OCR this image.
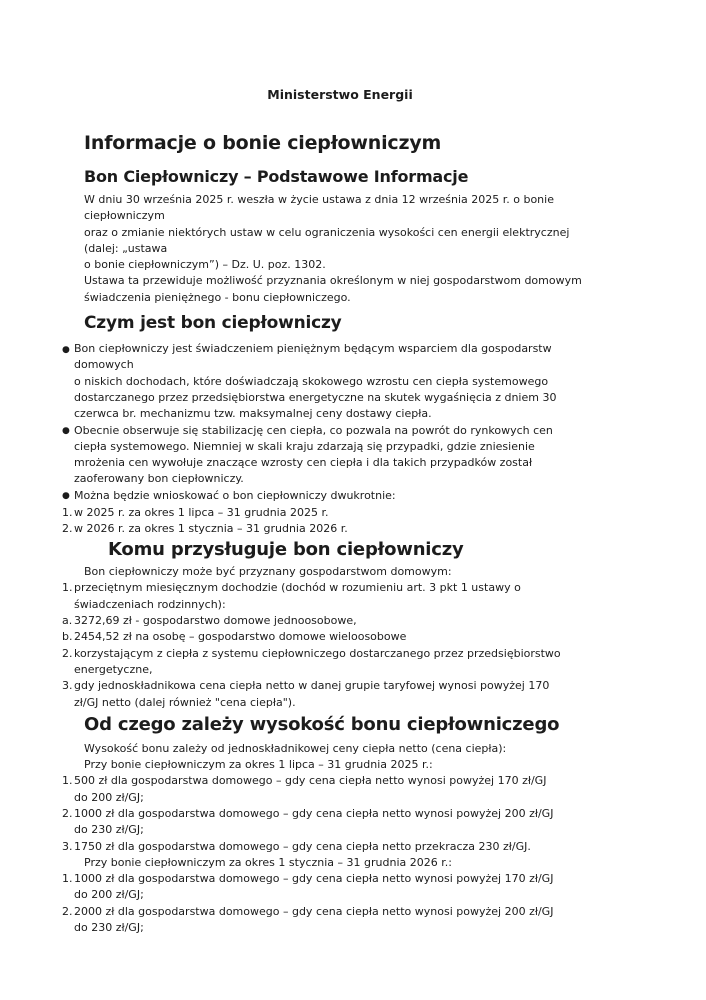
Ministerstwo Energii
Informacje o bonie ciepłowniczym
Bon Ciepłowniczy – Podstawowe Informacje
W dniu 30 września 2025 r. weszła w życie ustawa z dnia 12 września 2025 r. o bonie
ciepłowniczym
oraz o zmianie niektórych ustaw w celu ograniczenia wysokości cen energii elektrycznej
(dalej: „ustawa
o bonie ciepłowniczym”) – Dz. U. poz. 1302.
Ustawa ta przewiduje możliwość przyznania określonym w niej gospodarstwom domowym
świadczenia pieniężnego - bonu ciepłowniczego.
Czym jest bon ciepłowniczy
● Bon ciepłowniczy jest świadczeniem pieniężnym będącym wsparciem dla gospodarstw
domowych
o niskich dochodach, które doświadczają skokowego wzrostu cen ciepła systemowego
dostarczanego przez przedsiębiorstwa energetyczne na skutek wygaśnięcia z dniem 30
czerwca br. mechanizmu tzw. maksymalnej ceny dostawy ciepła.
● Obecnie obserwuje się stabilizację cen ciepła, co pozwala na powrót do rynkowych cen
ciepła systemowego. Niemniej w skali kraju zdarzają się przypadki, gdzie zniesienie
mrożenia cen wywołuje znaczące wzrosty cen ciepła i dla takich przypadków został
zaoferowany bon ciepłowniczy.
● Można będzie wnioskować o bon ciepłowniczy dwukrotnie:
1. w 2025 r. za okres 1 lipca – 31 grudnia 2025 r.
2. w 2026 r. za okres 1 stycznia – 31 grudnia 2026 r.
Komu przysługuje bon ciepłowniczy
Bon ciepłowniczy może być przyznany gospodarstwom domowym:
1. przeciętnym miesięcznym dochodzie (dochód w rozumieniu art. 3 pkt 1 ustawy o
świadczeniach rodzinnych):
a. 3272,69 zł - gospodarstwo domowe jednoosobowe,
b. 2454,52 zł na osobę – gospodarstwo domowe wieloosobowe
2. korzystającym z ciepła z systemu ciepłowniczego dostarczanego przez przedsiębiorstwo
energetyczne,
3. gdy jednoskładnikowa cena ciepła netto w danej grupie taryfowej wynosi powyżej 170
zł/GJ netto (dalej również "cena ciepła").
Od czego zależy wysokość bonu ciepłowniczego
Wysokość bonu zależy od jednoskładnikowej ceny ciepła netto (cena ciepła):
Przy bonie ciepłowniczym za okres 1 lipca – 31 grudnia 2025 r.:
1. 500 zł dla gospodarstwa domowego – gdy cena ciepła netto wynosi powyżej 170 zł/GJ
do 200 zł/GJ;
2. 1000 zł dla gospodarstwa domowego – gdy cena ciepła netto wynosi powyżej 200 zł/GJ
do 230 zł/GJ;
3. 1750 zł dla gospodarstwa domowego – gdy cena ciepła netto przekracza 230 zł/GJ.
Przy bonie ciepłowniczym za okres 1 stycznia – 31 grudnia 2026 r.:
1. 1000 zł dla gospodarstwa domowego – gdy cena ciepła netto wynosi powyżej 170 zł/GJ
do 200 zł/GJ;
2. 2000 zł dla gospodarstwa domowego – gdy cena ciepła netto wynosi powyżej 200 zł/GJ
do 230 zł/GJ;
